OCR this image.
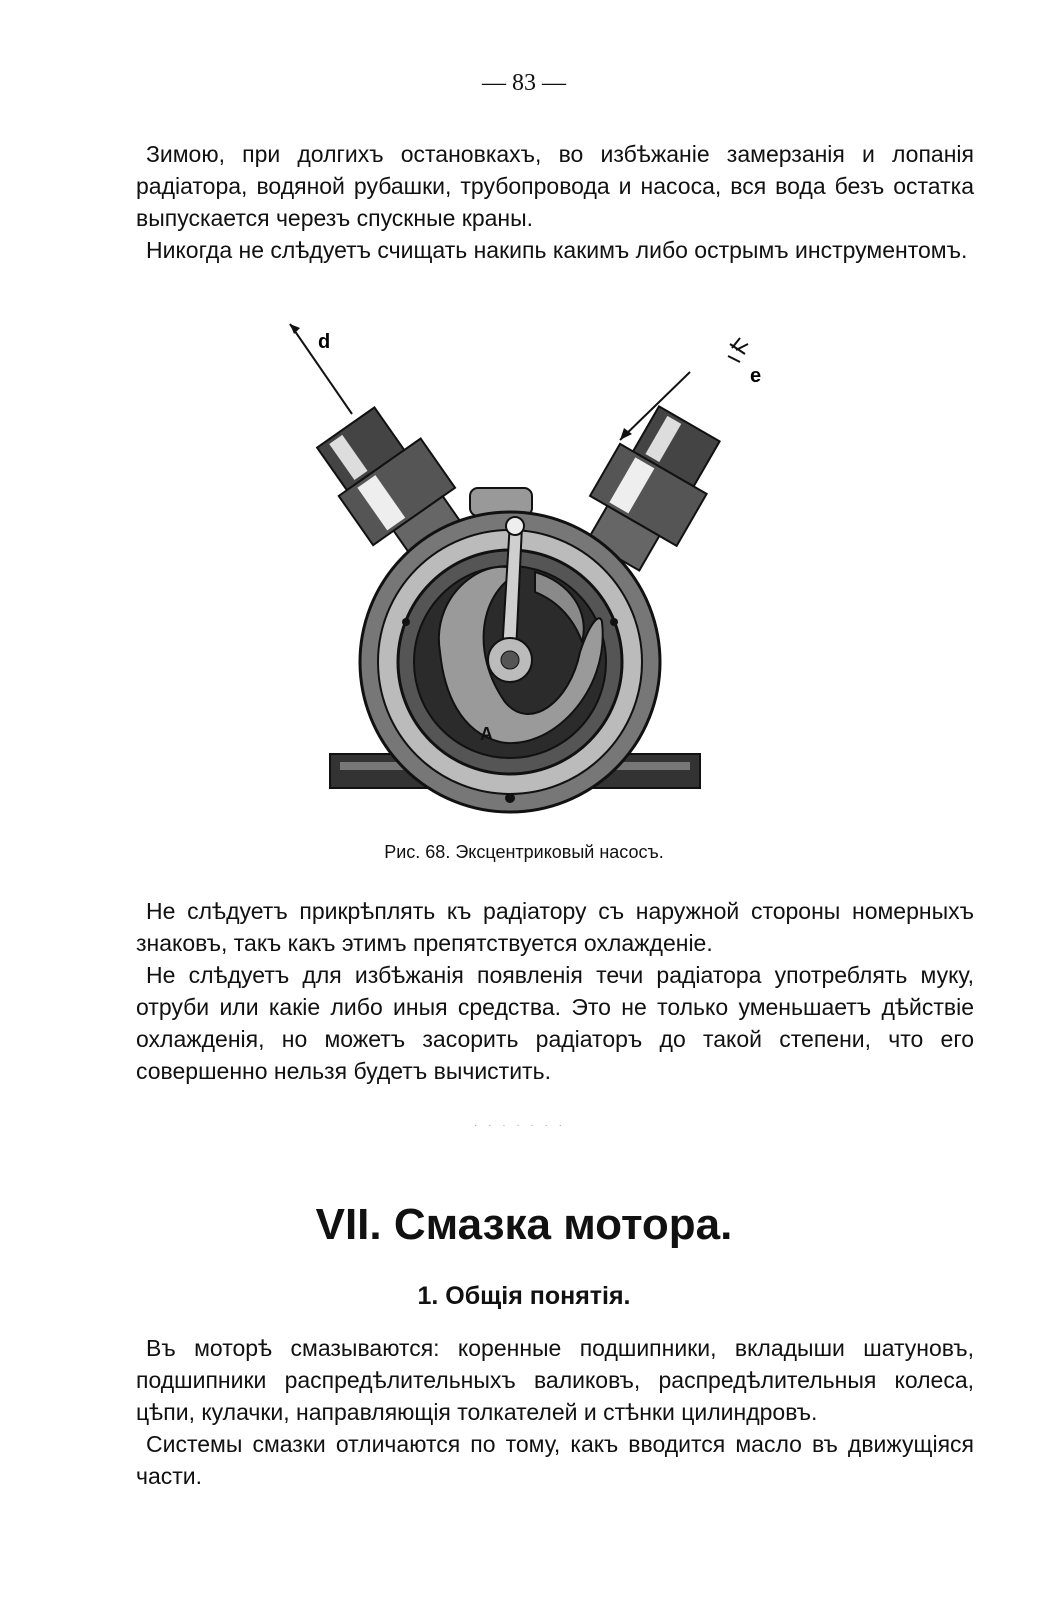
— 83 —

Зимою, при долгихъ остановкахъ, во избѣжаніе замерзанія и лопанія радіатора, водяной рубашки, трубопровода и насоса, вся вода безъ остатка выпускается черезъ спускные краны.

Никогда не слѣдуетъ счищать накипь какимъ либо острымъ инструментомъ.

d
e
A
Рис. 68. Эксцентриковый насосъ.

Не слѣдуетъ прикрѣплять къ радіатору съ наружной стороны номерныхъ знаковъ, такъ какъ этимъ препятствуется охлажденіе.

Не слѣдуетъ для избѣжанія появленія течи радіатора употреблять муку, отруби или какіе либо иныя средства. Это не только уменьшаетъ дѣйствіе охлажденія, но можетъ засорить радіаторъ до такой степени, что его совершенно нельзя будетъ вычистить.

· · · · · · ·
VII. Смазка мотора.
1. Общія понятія.

Въ моторѣ смазываются: коренные подшипники, вкладыши шатуновъ, подшипники распредѣлительныхъ валиковъ, распредѣлительныя колеса, цѣпи, кулачки, направляющія толкателей и стѣнки цилиндровъ.

Системы смазки отличаются по тому, какъ вводится масло въ движущіяся части.
